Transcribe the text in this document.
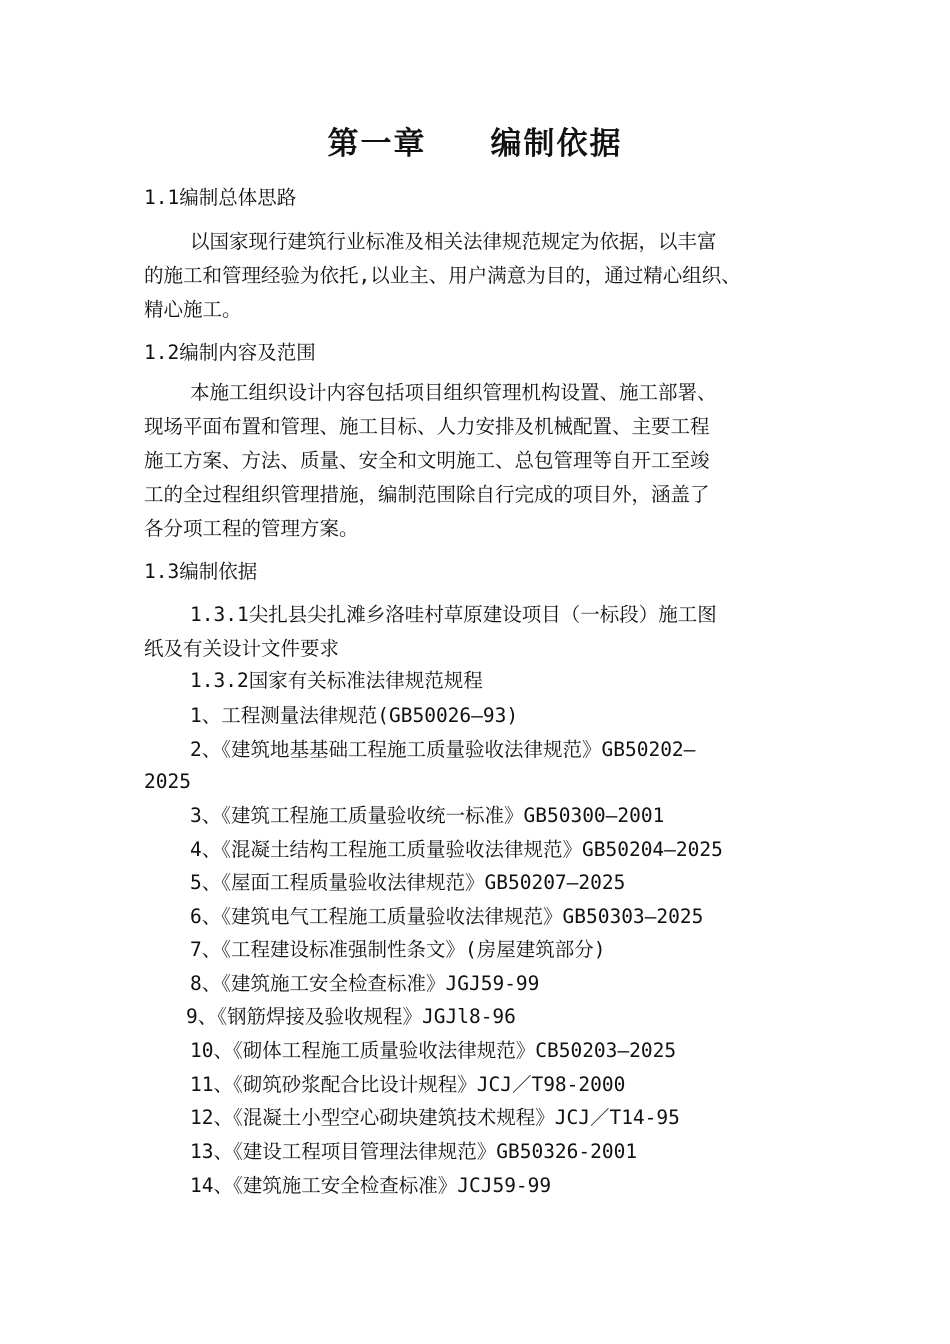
第一章     编制依据
1.1编制总体思路
以国家现行建筑行业标准及相关法律规范规定为依据，以丰富
的施工和管理经验为依托,以业主、用户满意为目的，通过精心组织、
精心施工。
1.2编制内容及范围
本施工组织设计内容包括项目组织管理机构设置、施工部署、
现场平面布置和管理、施工目标、人力安排及机械配置、主要工程
施工方案、方法、质量、安全和文明施工、总包管理等自开工至竣
工的全过程组织管理措施，编制范围除自行完成的项目外，涵盖了
各分项工程的管理方案。
1.3编制依据
1.3.1尖扎县尖扎滩乡洛哇村草原建设项目（一标段）施工图
纸及有关设计文件要求
1.3.2国家有关标准法律规范规程
1、工程测量法律规范(GB50026—93)
2、《建筑地基基础工程施工质量验收法律规范》GB50202—
2025
3、《建筑工程施工质量验收统一标准》GB50300—2001
4、《混凝土结构工程施工质量验收法律规范》GB50204—2025
5、《屋面工程质量验收法律规范》GB50207—2025
6、《建筑电气工程施工质量验收法律规范》GB50303—2025
7、《工程建设标准强制性条文》(房屋建筑部分)
8、《建筑施工安全检查标准》JGJ59-99
9、《钢筋焊接及验收规程》JGJl8-96
10、《砌体工程施工质量验收法律规范》CB50203—2025
11、《砌筑砂浆配合比设计规程》JCJ／T98-2000
12、《混凝土小型空心砌块建筑技术规程》JCJ／T14-95
13、《建设工程项目管理法律规范》GB50326-2001
14、《建筑施工安全检查标准》JCJ59-99
